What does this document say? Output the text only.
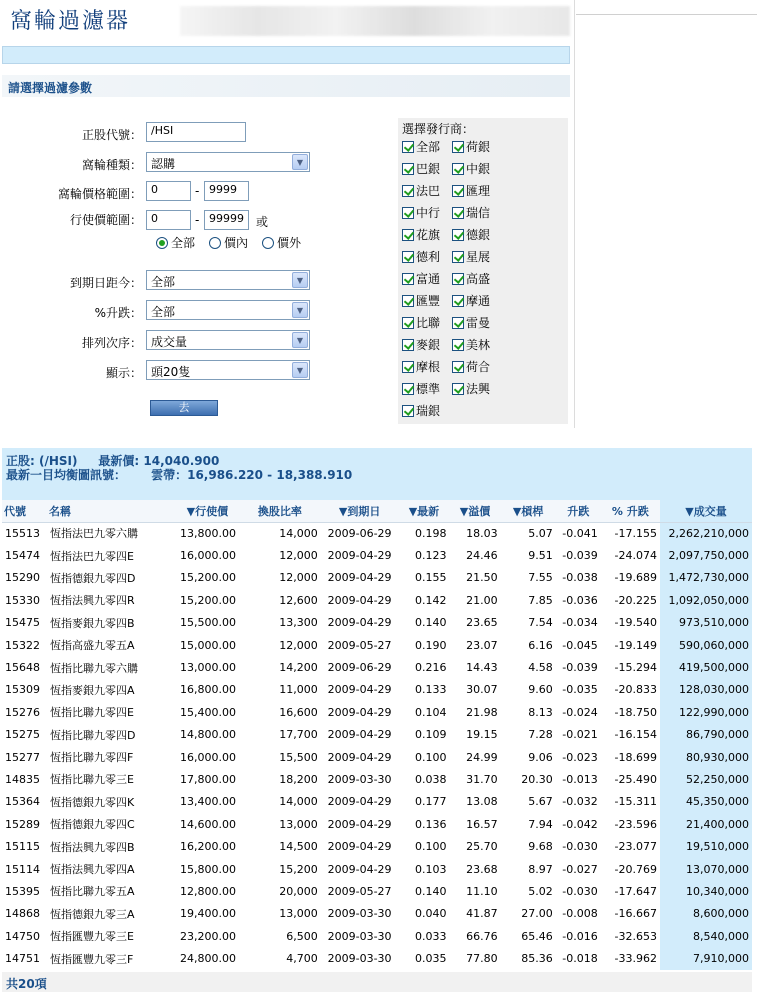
窩輪過濾器
請選擇過濾參數
正股代號： /HSI
窩輪種類： 認購	▼
窩輪價格範圍： 0	- 9999
行使價範圍： 0	- 99999	或
全部 價內 價外
到期日距今： 全部	▼
%升跌： 全部	▼
排列次序： 成交量	▼
顯示： 頭20隻	▼
去
選擇發行商：
全部 荷銀
巴銀 中銀
法巴 匯理
中行 瑞信
花旗 德銀
德利 星展
富通 高盛
匯豐 摩通
比聯 雷曼
麥銀 美林
摩根 荷合
標準 法興
瑞銀
正股: (/HSI) 最新價: 14,040.900
最新一目均衡圖訊號： 雲帶：16,986.220 - 18,388.910
代號	名稱	▼行使價	換股比率	▼到期日	▼最新	▼溢價	▼槓桿	升跌	% 升跌	▼成交量
15513	恆指法巴九零六購	13,800.00	14,000	2009-06-29	0.198	18.03	5.07	-0.041	-17.155	2,262,210,000
15474	恆指法巴九零四E	16,000.00	12,000	2009-04-29	0.123	24.46	9.51	-0.039	-24.074	2,097,750,000
15290	恆指德銀九零四D	15,200.00	12,000	2009-04-29	0.155	21.50	7.55	-0.038	-19.689	1,472,730,000
15330	恆指法興九零四R	15,200.00	12,600	2009-04-29	0.142	21.00	7.85	-0.036	-20.225	1,092,050,000
15475	恆指麥銀九零四B	15,500.00	13,300	2009-04-29	0.140	23.65	7.54	-0.034	-19.540	973,510,000
15322	恆指高盛九零五A	15,000.00	12,000	2009-05-27	0.190	23.07	6.16	-0.045	-19.149	590,060,000
15648	恆指比聯九零六購	13,000.00	14,200	2009-06-29	0.216	14.43	4.58	-0.039	-15.294	419,500,000
15309	恆指麥銀九零四A	16,800.00	11,000	2009-04-29	0.133	30.07	9.60	-0.035	-20.833	128,030,000
15276	恆指比聯九零四E	15,400.00	16,600	2009-04-29	0.104	21.98	8.13	-0.024	-18.750	122,990,000
15275	恆指比聯九零四D	14,800.00	17,700	2009-04-29	0.109	19.15	7.28	-0.021	-16.154	86,790,000
15277	恆指比聯九零四F	16,000.00	15,500	2009-04-29	0.100	24.99	9.06	-0.023	-18.699	80,930,000
14835	恆指比聯九零三E	17,800.00	18,200	2009-03-30	0.038	31.70	20.30	-0.013	-25.490	52,250,000
15364	恆指德銀九零四K	13,400.00	14,000	2009-04-29	0.177	13.08	5.67	-0.032	-15.311	45,350,000
15289	恆指德銀九零四C	14,600.00	13,000	2009-04-29	0.136	16.57	7.94	-0.042	-23.596	21,400,000
15115	恆指法興九零四B	16,200.00	14,500	2009-04-29	0.100	25.70	9.68	-0.030	-23.077	19,510,000
15114	恆指法興九零四A	15,800.00	15,200	2009-04-29	0.103	23.68	8.97	-0.027	-20.769	13,070,000
15395	恆指比聯九零五A	12,800.00	20,000	2009-05-27	0.140	11.10	5.02	-0.030	-17.647	10,340,000
14868	恆指德銀九零三A	19,400.00	13,000	2009-03-30	0.040	41.87	27.00	-0.008	-16.667	8,600,000
14750	恆指匯豐九零三E	23,200.00	6,500	2009-03-30	0.033	66.76	65.46	-0.016	-32.653	8,540,000
14751	恆指匯豐九零三F	24,800.00	4,700	2009-03-30	0.035	77.80	85.36	-0.018	-33.962	7,910,000
共20項
